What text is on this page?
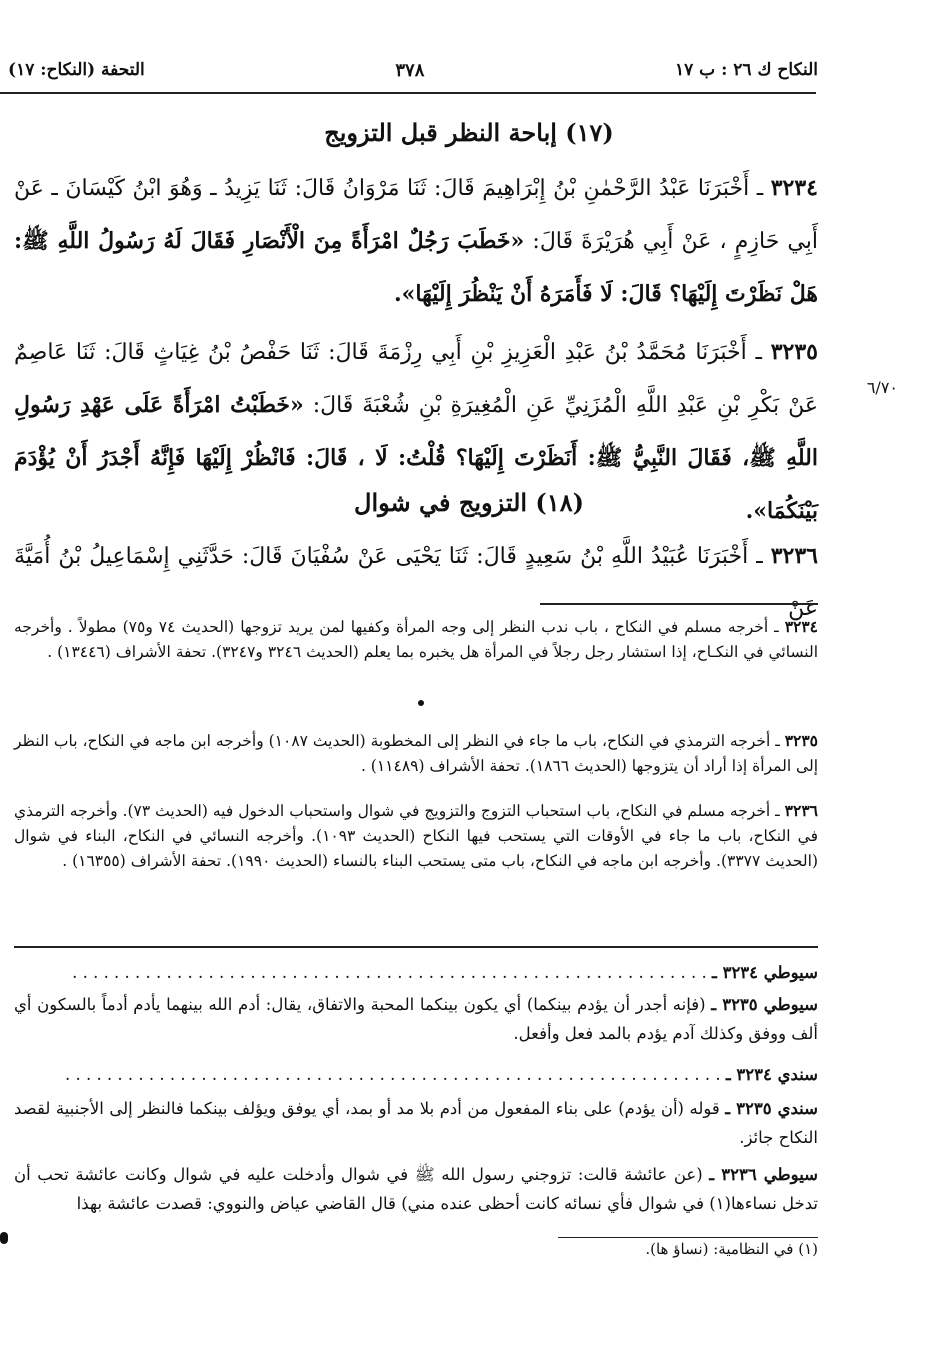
النكاح ك ٢٦ : ب ١٧
٣٧٨
التحفة (النكاح: ١٧)
(١٧) إباحة النظر قبل التزويج
٣٢٣٤ ـ أَخْبَرَنَا عَبْدُ الرَّحْمٰنِ بْنُ إِبْرَاهِيمَ قَالَ: ثَنَا مَرْوَانُ قَالَ: ثَنَا يَزِيدُ ـ وَهُوَ ابْنُ كَيْسَانَ ـ عَنْ أَبِي حَازِمٍ ، عَنْ أَبِي هُرَيْرَةَ قَالَ: «خَطَبَ رَجُلٌ امْرَأَةً مِنَ الْأَنْصَارِ فَقَالَ لَهُ رَسُولُ اللَّهِ ﷺ: هَلْ نَظَرْتَ إِلَيْهَا؟ قَالَ: لَا فَأَمَرَهُ أَنْ يَنْظُرَ إِلَيْهَا».
٣٢٣٥ ـ أَخْبَرَنَا مُحَمَّدُ بْنُ عَبْدِ الْعَزِيزِ بْنِ أَبِي رِزْمَةَ قَالَ: ثَنَا حَفْصُ بْنُ غِيَاثٍ قَالَ: ثَنَا عَاصِمٌ عَنْ بَكْرِ بْنِ عَبْدِ اللَّهِ الْمُزَنِيِّ عَنِ الْمُغِيرَةِ بْنِ شُعْبَةَ قَالَ: «خَطَبْتُ امْرَأَةً عَلَى عَهْدِ رَسُولِ اللَّهِ ﷺ، فَقَالَ النَّبِيُّ ﷺ: أَنَظَرْتَ إِلَيْهَا؟ قُلْتُ: لَا ، قَالَ: فَانْظُرْ إِلَيْهَا فَإِنَّهُ أَجْدَرُ أَنْ يُؤْدَمَ بَيْنَكُمَا».
٦/٧٠
(١٨) التزويج في شوال
٣٢٣٦ ـ أَخْبَرَنَا عُبَيْدُ اللَّهِ بْنُ سَعِيدٍ قَالَ: ثَنَا يَحْيَى عَنْ سُفْيَانَ قَالَ: حَدَّثَنِي إِسْمَاعِيلُ بْنُ أُمَيَّةَ عَنْ
٣٢٣٤ ـ أخرجه مسلم في النكاح ، باب ندب النظر إلى وجه المرأة وكفيها لمن يريد تزوجها (الحديث ٧٤ و٧٥) مطولاً . وأخرجه النسائي في النكـاح، إذا استشار رجل رجلاً في المرأة هل يخبره بما يعلم (الحديث ٣٢٤٦ و٣٢٤٧). تحفة الأشراف (١٣٤٤٦) .
٣٢٣٥ ـ أخرجه الترمذي في النكاح، باب ما جاء في النظر إلى المخطوبة (الحديث ١٠٨٧) وأخرجه ابن ماجه في النكاح، باب النظر إلى المرأة إذا أراد أن يتزوجها (الحديث ١٨٦٦). تحفة الأشراف (١١٤٨٩) .
٣٢٣٦ ـ أخرجه مسلم في النكاح، باب استحباب التزوج والتزويج في شوال واستحباب الدخول فيه (الحديث ٧٣). وأخرجه الترمذي في النكاح، باب ما جاء في الأوقات التي يستحب فيها النكاح (الحديث ١٠٩٣). وأخرجه النسائي في النكاح، البناء في شوال (الحديث ٣٣٧٧). وأخرجه ابن ماجه في النكاح، باب متى يستحب البناء بالنساء (الحديث ١٩٩٠). تحفة الأشراف (١٦٣٥٥) .
سيوطي ٣٢٣٤ ـ . . . . . . . . . . . . . . . . . . . . . . . . . . . . . . . . . . . . . . . . . . . . . . . . . . . . . . . . . . . . .
سيوطي ٣٢٣٥ ـ (فإنه أجدر أن يؤدم بينكما) أي يكون بينكما المحبة والاتفاق، يقال: أدم الله بينهما يأدم أدماً بالسكون أي ألف ووفق وكذلك آدم يؤدم بالمد فعل وأفعل.
سندي ٣٢٣٤ ـ . . . . . . . . . . . . . . . . . . . . . . . . . . . . . . . . . . . . . . . . . . . . . . . . . . . . . . . . . . . . . . .
سندي ٣٢٣٥ ـ قوله (أن يؤدم) على بناء المفعول من أدم بلا مد أو بمد، أي يوفق ويؤلف بينكما فالنظر إلى الأجنبية لقصد النكاح جائز.
سيوطي ٣٢٣٦ ـ (عن عائشة قالت: تزوجني رسول الله ﷺ في شوال وأدخلت عليه في شوال وكانت عائشة تحب أن تدخل نساءها(١) في شوال فأي نسائه كانت أحظى عنده مني) قال القاضي عياض والنووي: قصدت عائشة بهذا
(١) في النظامية: (نساؤ ها).
